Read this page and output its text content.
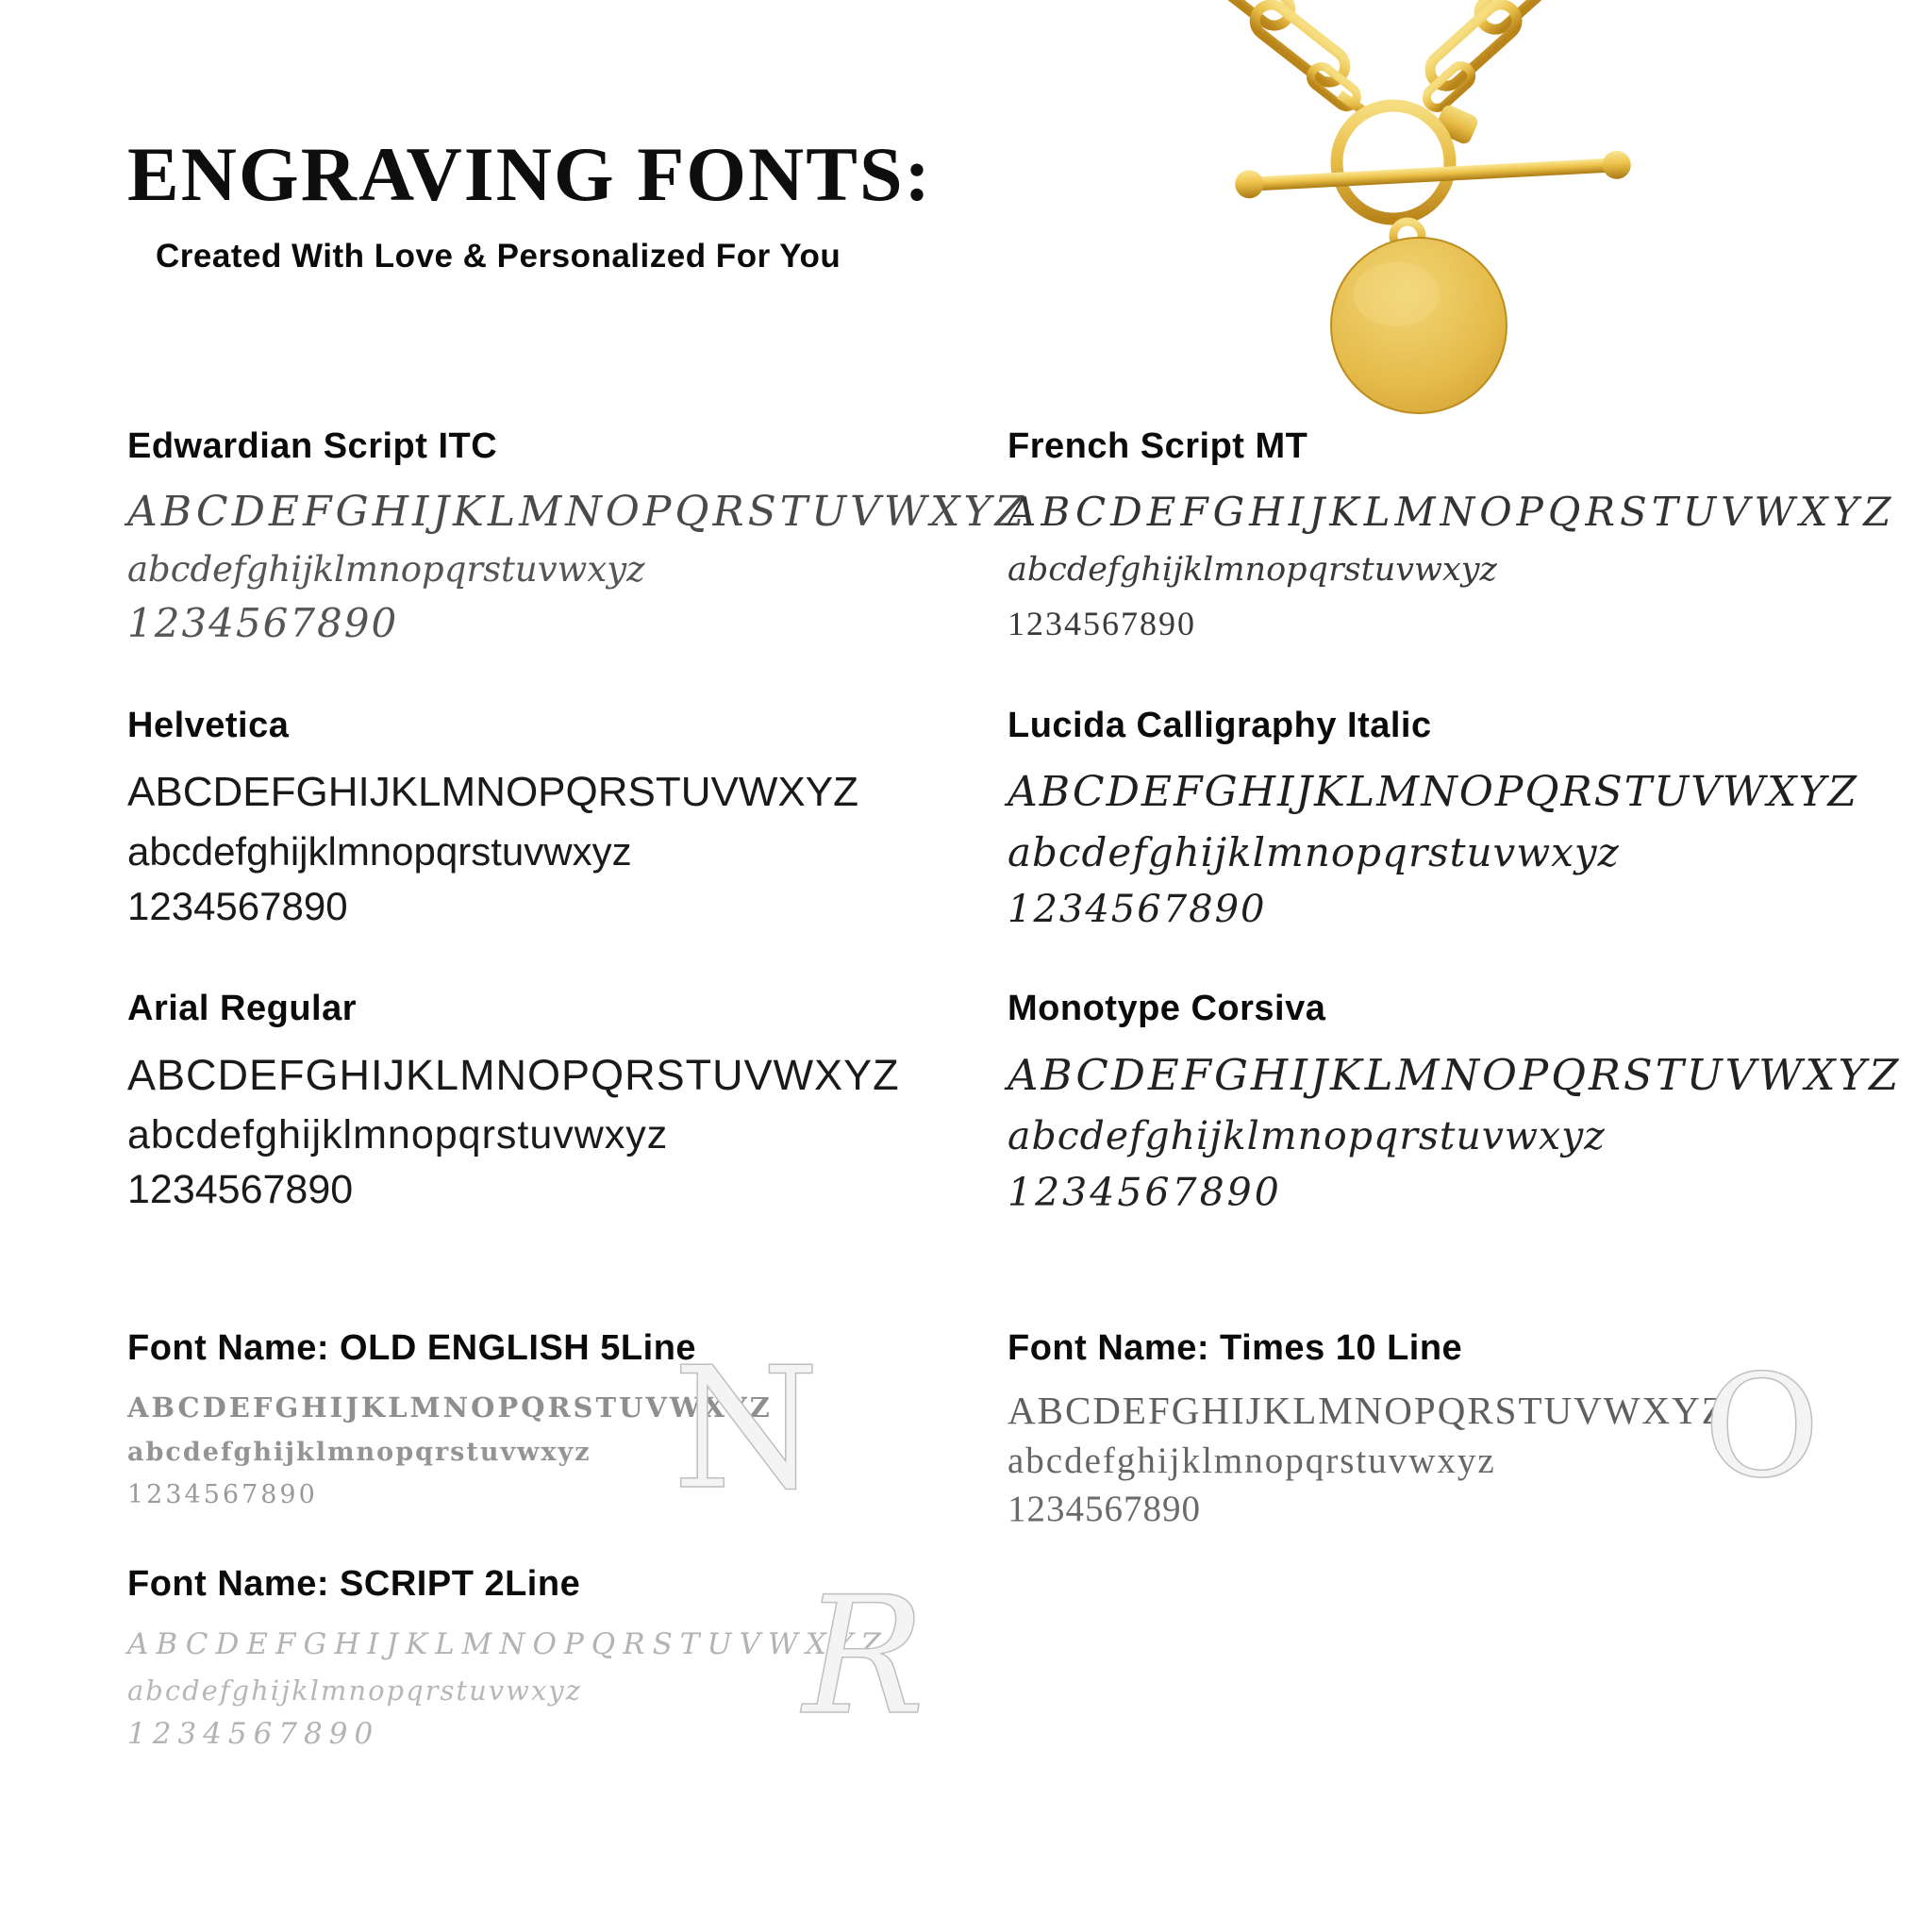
ENGRAVING FONTS:
Created With Love & Personalized For You
Edwardian Script ITC
ABCDEFGHIJKLMNOPQRSTUVWXYZ
abcdefghijklmnopqrstuvwxyz
1234567890
French Script MT
ABCDEFGHIJKLMNOPQRSTUVWXYZ
abcdefghijklmnopqrstuvwxyz
1234567890
Helvetica
ABCDEFGHIJKLMNOPQRSTUVWXYZ
abcdefghijklmnopqrstuvwxyz
1234567890
Lucida Calligraphy Italic
ABCDEFGHIJKLMNOPQRSTUVWXYZ
abcdefghijklmnopqrstuvwxyz
1234567890
Arial Regular
ABCDEFGHIJKLMNOPQRSTUVWXYZ
abcdefghijklmnopqrstuvwxyz
1234567890
Monotype Corsiva
ABCDEFGHIJKLMNOPQRSTUVWXYZ
abcdefghijklmnopqrstuvwxyz
1234567890
Font Name: OLD ENGLISH 5Line
ABCDEFGHIJKLMNOPQRSTUVWXYZ
abcdefghijklmnopqrstuvwxyz
1234567890	N	Font Name: Times 10 Line
ABCDEFGHIJKLMNOPQRSTUVWXYZ
abcdefghijklmnopqrstuvwxyz
1234567890	O
Font Name: SCRIPT 2Line
ABCDEFGHIJKLMNOPQRSTUVWXYZ
abcdefghijklmnopqrstuvwxyz
1234567890	R
